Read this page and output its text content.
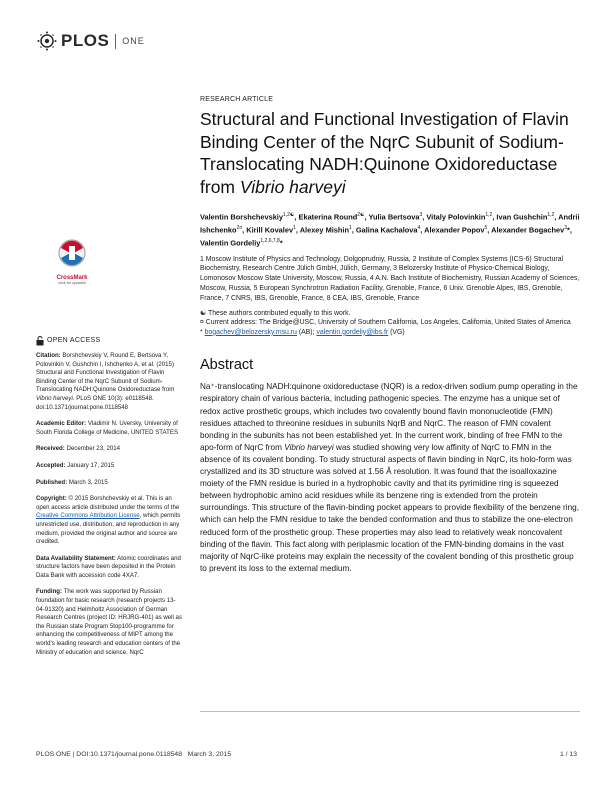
PLOS ONE
CrossMark
click for updates
OPEN ACCESS

Citation: Borshchevskiy V, Round E, Bertsova Y, Polovinkin V, Gushchin I, Ishchenko A, et al. (2015) Structural and Functional Investigation of Flavin Binding Center of the NqrC Subunit of Sodium-Translocating NADH:Quinone Oxidoreductase from Vibrio harveyi. PLoS ONE 10(3): e0118548. doi:10.1371/journal.pone.0118548

Academic Editor: Vladimir N. Uversky, University of South Florida College of Medicine, UNITED STATES

Received: December 23, 2014

Accepted: January 17, 2015

Published: March 3, 2015

Copyright: © 2015 Borshchevskiy et al. This is an open access article distributed under the terms of the Creative Commons Attribution License, which permits unrestricted use, distribution, and reproduction in any medium, provided the original author and source are credited.

Data Availability Statement: Atomic coordinates and structure factors have been deposited in the Protein Data Bank with accession code 4XA7.

Funding: The work was supported by Russian foundation for basic research (research projects 13-04-91320) and Helmholtz Association of German Research Centres (project ID: HRJRG-401) as well as the Russian state Program 5top100-programme for enhancing the competitiveness of MIPT among the world's leading research and education centers of the Ministry of education and science. NqrC

RESEARCH ARTICLE
Structural and Functional Investigation of Flavin Binding Center of the NqrC Subunit of Sodium-Translocating NADH:Quinone Oxidoreductase from Vibrio harveyi
Valentin Borshchevskiy$^{1,2☯}$, Ekaterina Round$^{2☯}$, Yulia Bertsova$^3$, Vitaly Polovinkin$^{1,2}$, Ivan Gushchin$^{1,2}$, Andrii Ishchenko$^{2¤}$, Kirill Kovalev$^1$, Alexey Mishin$^1$, Galina Kachalova$^4$, Alexander Popov$^5$, Alexander Bogachev$^3$*, Valentin Gordeliy$^{1,2,6,7,8}$*
1 Moscow Institute of Physics and Technology, Dolgoprudniy, Russia, 2 Institute of Complex Systems (ICS-6) Structural Biochemistry, Research Centre Jülich GmbH, Jülich, Germany, 3 Belozersky Institute of Physico-Chemical Biology, Lomonosov Moscow State University, Moscow, Russia, 4 A.N. Bach Institute of Biochemistry, Russian Academy of Sciences, Moscow, Russia, 5 European Synchrotron Radiation Facility, Grenoble, France, 6 Univ. Grenoble Alpes, IBS, Grenoble, France, 7 CNRS, IBS, Grenoble, France, 8 CEA, IBS, Grenoble, France
☯ These authors contributed equally to this work.
¤ Current address: The Bridge@USC, University of Southern California, Los Angeles, California, United States of America
* bogachev@belozersky.msu.ru (AB); valentin.gordeliy@ibs.fr (VG)
Abstract

Na⁺-translocating NADH:quinone oxidoreductase (NQR) is a redox-driven sodium pump operating in the respiratory chain of various bacteria, including pathogenic species. The enzyme has a unique set of redox active prosthetic groups, which includes two covalently bound flavin mononucleotide (FMN) residues attached to threonine residues in subunits NqrB and NqrC. The reason of FMN covalent bonding in the subunits has not been established yet. In the current work, binding of free FMN to the apo-form of NqrC from Vibrio harveyi was studied showing very low affinity of NqrC to FMN in the absence of its covalent bonding. To study structural aspects of flavin binding in NqrC, its holo-form was crystallized and its 3D structure was solved at 1.56 Å resolution. It was found that the isoalloxazine moiety of the FMN residue is buried in a hydrophobic cavity and that its pyrimidine ring is squeezed between hydrophobic amino acid residues while its benzene ring is extended from the protein surroundings. This structure of the flavin-binding pocket appears to provide flexibility of the benzene ring, which can help the FMN residue to take the bended conformation and thus to stabilize the one-electron reduced form of the prosthetic group. These properties may also lead to relatively weak noncovalent binding of the flavin. This fact along with periplasmic location of the FMN-binding domains in the vast majority of NqrC-like proteins may explain the necessity of the covalent bonding of this prosthetic group to prevent its loss to the external medium.

PLOS ONE | DOI:10.1371/journal.pone.0118548 March 3, 2015	1 / 13
